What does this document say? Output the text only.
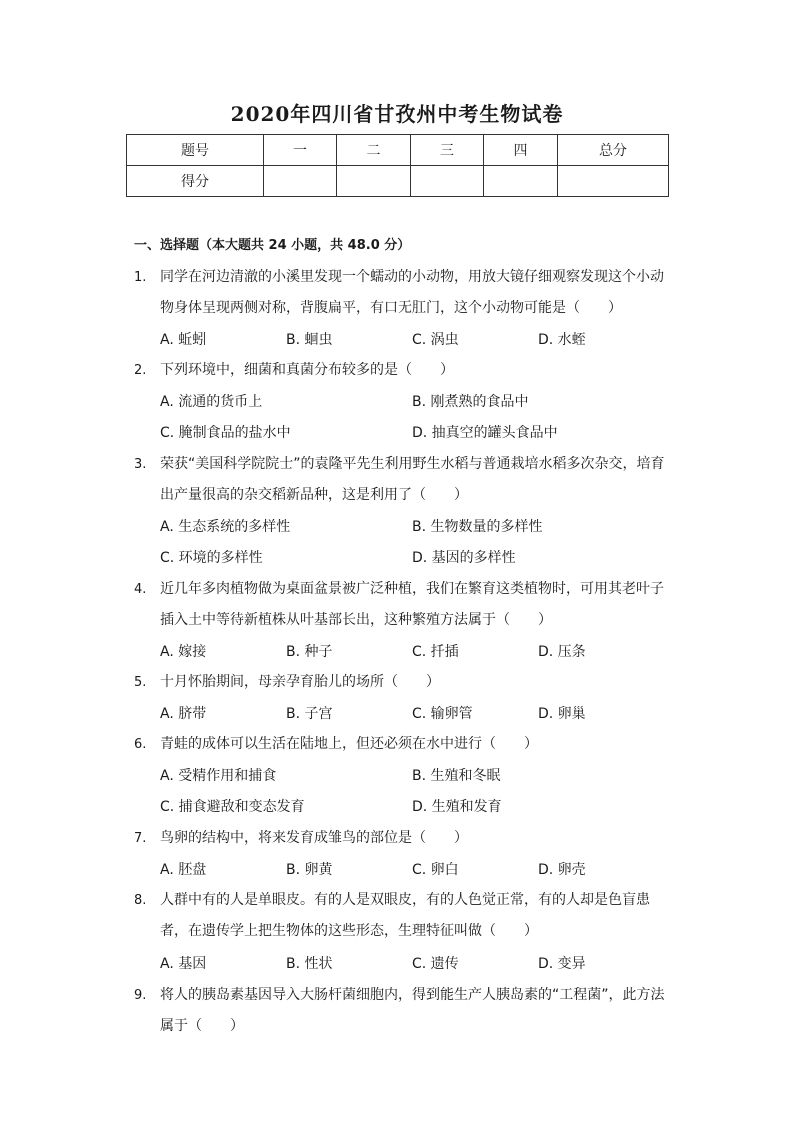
2020年四川省甘孜州中考生物试卷
题号	一	二	三	四	总分
得分					
一、选择题（本大题共 24 小题，共 48.0 分）
1. 同学在河边清澈的小溪里发现一个蠕动的小动物，用放大镜仔细观察发现这个小动物身体呈现两侧对称，背腹扁平，有口无肛门，这个小动物可能是（　　）
A. 蚯蚓	B. 蛔虫	C. 涡虫	D. 水蛭
2. 下列环境中，细菌和真菌分布较多的是（　　）
A. 流通的货币上	B. 刚煮熟的食品中
C. 腌制食品的盐水中	D. 抽真空的罐头食品中
3. 荣获“美国科学院院士”的袁隆平先生利用野生水稻与普通栽培水稻多次杂交，培育出产量很高的杂交稻新品种，这是利用了（　　）
A. 生态系统的多样性	B. 生物数量的多样性
C. 环境的多样性	D. 基因的多样性
4. 近几年多肉植物做为桌面盆景被广泛种植，我们在繁育这类植物时，可用其老叶子插入土中等待新植株从叶基部长出，这种繁殖方法属于（　　）
A. 嫁接	B. 种子	C. 扦插	D. 压条
5. 十月怀胎期间，母亲孕育胎儿的场所（　　）
A. 脐带	B. 子宫	C. 输卵管	D. 卵巢
6. 青蛙的成体可以生活在陆地上，但还必须在水中进行（　　）
A. 受精作用和捕食	B. 生殖和冬眠
C. 捕食避敌和变态发育	D. 生殖和发育
7. 鸟卵的结构中，将来发育成雏鸟的部位是（　　）
A. 胚盘	B. 卵黄	C. 卵白	D. 卵壳
8. 人群中有的人是单眼皮。有的人是双眼皮，有的人色觉正常，有的人却是色盲患者，在遗传学上把生物体的这些形态，生理特征叫做（　　）
A. 基因	B. 性状	C. 遗传	D. 变异
9. 将人的胰岛素基因导入大肠杆菌细胞内，得到能生产人胰岛素的“工程菌”，此方法属于（　　）
